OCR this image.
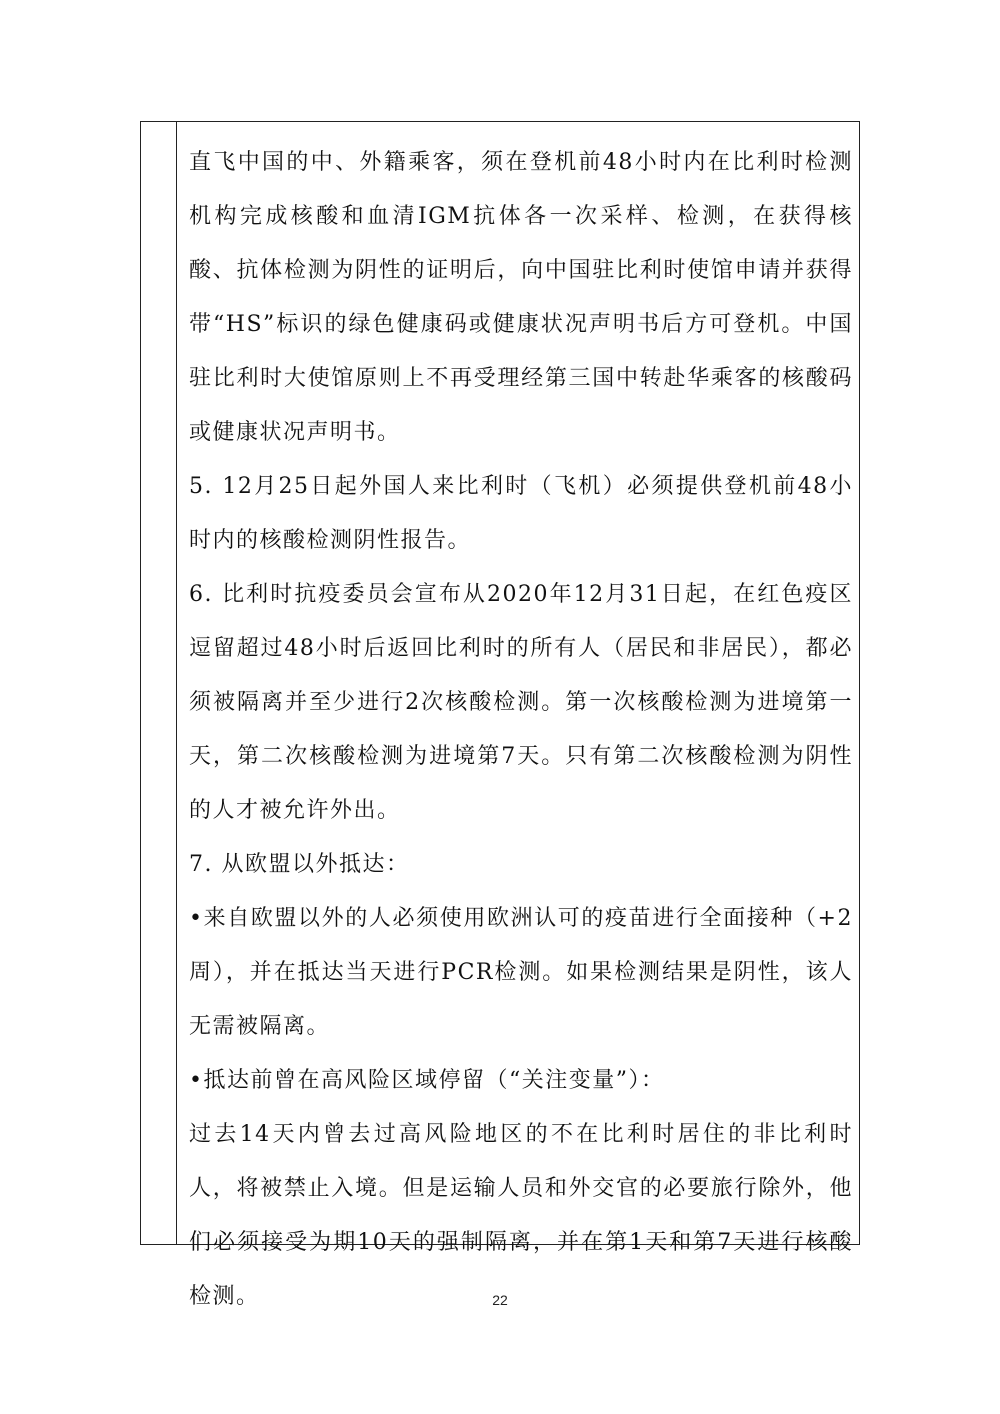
直飞中国的中、外籍乘客，须在登机前48小时内在比利时检测机构完成核酸和血清IGM抗体各一次采样、检测，在获得核酸、抗体检测为阴性的证明后，向中国驻比利时使馆申请并获得带“HS”标识的绿色健康码或健康状况声明书后方可登机。中国驻比利时大使馆原则上不再受理经第三国中转赴华乘客的核酸码或健康状况声明书。

5. 12月25日起外国人来比利时（飞机）必须提供登机前48小时内的核酸检测阴性报告。

6. 比利时抗疫委员会宣布从2020年12月31日起，在红色疫区逗留超过48小时后返回比利时的所有人（居民和非居民），都必须被隔离并至少进行2次核酸检测。第一次核酸检测为进境第一天，第二次核酸检测为进境第7天。只有第二次核酸检测为阴性的人才被允许外出。

7. 从欧盟以外抵达：

•来自欧盟以外的人必须使用欧洲认可的疫苗进行全面接种（+2周），并在抵达当天进行PCR检测。如果检测结果是阴性，该人无需被隔离。

•抵达前曾在高风险区域停留（“关注变量”）：

过去14天内曾去过高风险地区的不在比利时居住的非比利时人，将被禁止入境。但是运输人员和外交官的必要旅行除外，他们必须接受为期10天的强制隔离，并在第1天和第7天进行核酸检测。	22
